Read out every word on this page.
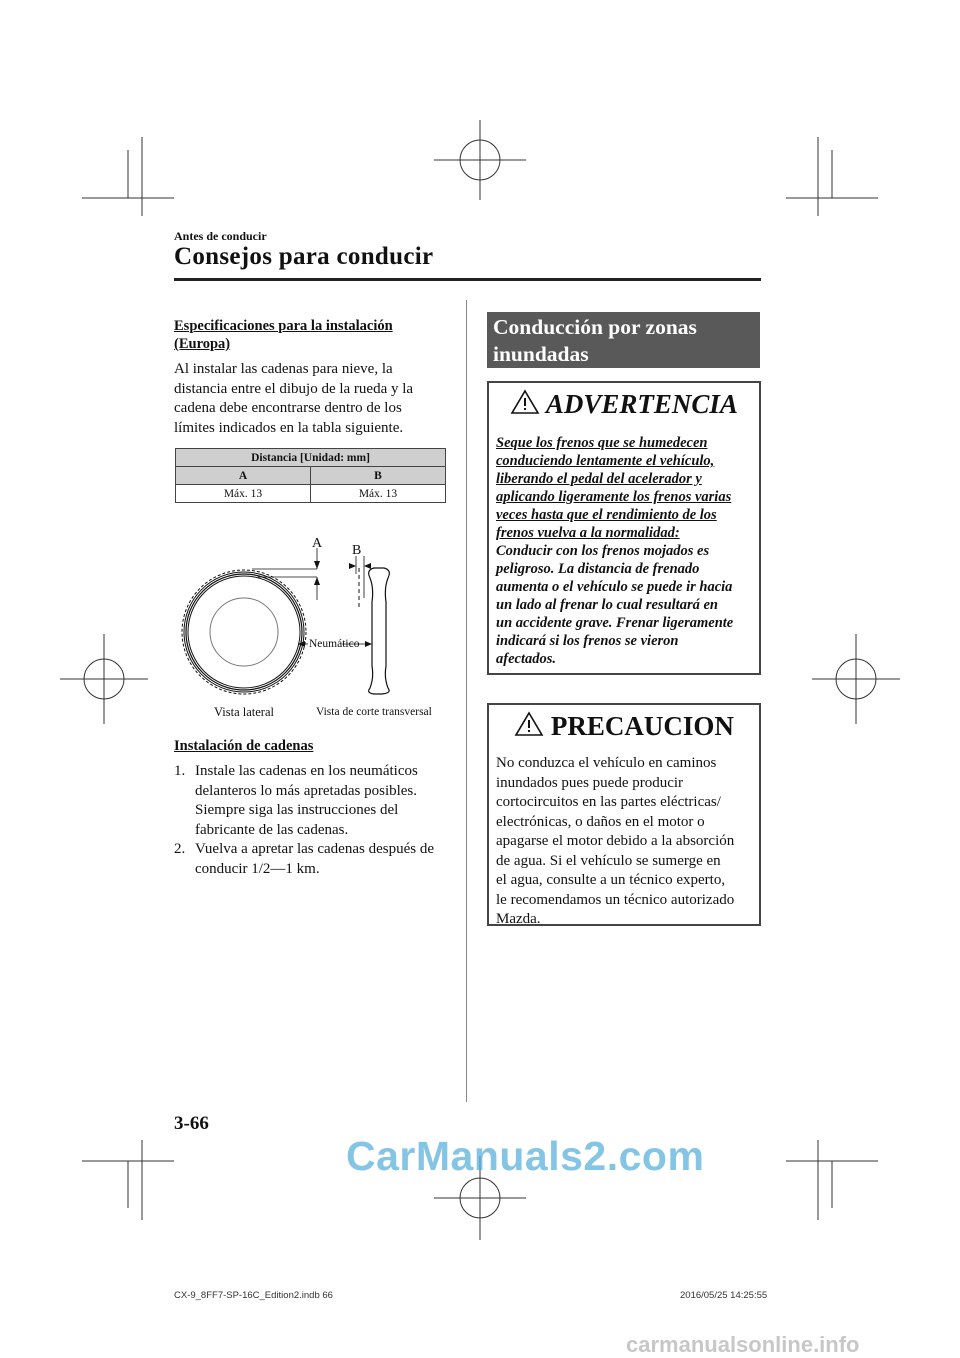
Antes de conducir
Consejos para conducir
Especificaciones para la instalación
(Europa)
Al instalar las cadenas para nieve, la
distancia entre el dibujo de la rueda y la
cadena debe encontrarse dentro de los
límites indicados en la tabla siguiente.
Distancia [Unidad: mm]	
A	B
Máx. 13	Máx. 13
A B
Neumático
Vista lateral	Vista de corte transversal
Instalación de cadenas
1. Instale las cadenas en los neumáticos
delanteros lo más apretadas posibles.
Siempre siga las instrucciones del
fabricante de las cadenas.
2. Vuelva a apretar las cadenas después de
conducir 1/2—1 km.
Conducción por zonas
inundadas
ADVERTENCIA
Seque los frenos que se humedecen
conduciendo lentamente el vehículo,
liberando el pedal del acelerador y
aplicando ligeramente los frenos varias
veces hasta que el rendimiento de los
frenos vuelva a la normalidad:
Conducir con los frenos mojados es
peligroso. La distancia de frenado
aumenta o el vehículo se puede ir hacia
un lado al frenar lo cual resultará en
un accidente grave. Frenar ligeramente
indicará si los frenos se vieron
afectados.
PRECAUCION
No conduzca el vehículo en caminos
inundados pues puede producir
cortocircuitos en las partes eléctricas/
electrónicas, o daños en el motor o
apagarse el motor debido a la absorción
de agua. Si el vehículo se sumerge en
el agua, consulte a un técnico experto,
le recomendamos un técnico autorizado
Mazda.
3-66
CarManuals2.com
CX-9_8FF7-SP-16C_Edition2.indb 66	2016/05/25 14:25:55
carmanualsonline.info
